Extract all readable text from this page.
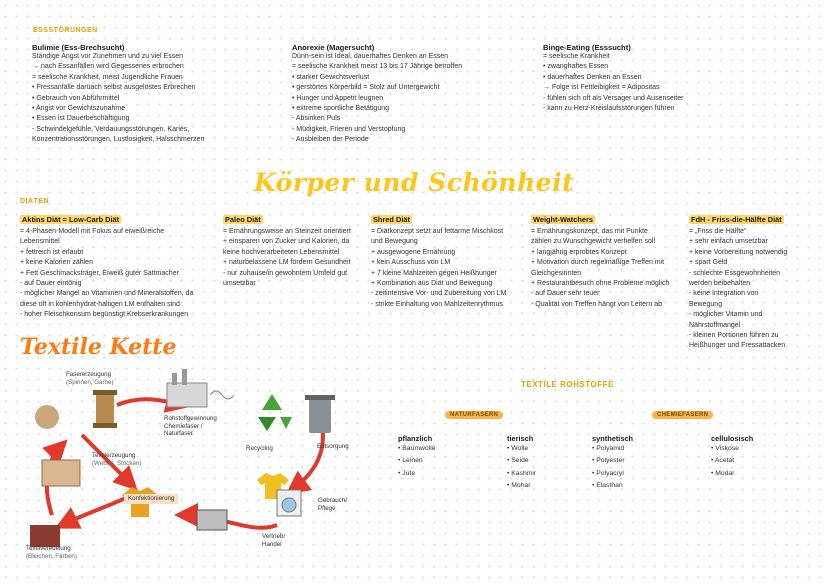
ESSSTÖRUNGEN
Bulimie (Ess-Brechsucht)
Ständige Angst vor Zunehmen und zu viel Essen
→ nach Essanfällen wird Gegessenes erbrochen
= seelische Krankheit, meist Jugendliche Frauen
• Fressanfälle darüach selbst ausgelöstes Erbrechen
• Gebrauch von Abführmittel
• Angst vor Gewichtszunahme
• Essen ist Dauerbeschäftigung
- Schwindelgefühle, Verdauungsstörungen, Karies,
Konzentrationsstörungen, Lustlosigkeit, Halsschmerzen
Anorexie (Magersucht)
Dünn-sein ist Ideal, dauerhaftes Denken an Essen
= seelische Krankheit meist 13 bis 17 Jährige betroffen
• starker Gewichtsverlust
• gerstörtes Körperbild = Stolz auf Untergewicht
• Hunger und Appetit leugnen
• extreme sportliche Betätigung
- Absinken Puls
- Müdigkeit, Frieren und Verstopfung
- Ausbleiben der Periode
Binge-Eating (Esssucht)
= seelische Krankheit
• zwanghaftes Essen
• dauerhaftes Denken an Essen
→ Folge ist Fettleibigkeit = Adipositas
- fühlen sich oft als Versager und Ausenseiter
- kann zu Herz-Kreislaufsstörungen führen
Körper und Schönheit
DIÄTEN
Aktins Diät = Low-Carb Diät
= 4-Phasen-Modell mit Fokus auf eiweißreiche
Lebensmittel
+ fettreich ist erlaubt
+ keine Kalorien zählen
+ Fett Geschmacksträger, Eiweiß guter Sattmacher
- auf Dauer eintönig
- möglicher Mangel an Vitaminen und Mineralstoffen, da
diese oft in kohlenhydrat-haltigen LM enthalten sind
- hoher Fleischkonsum begünstigt Krebserkrankungen
Paleo Diät
= Ernährungsweise an Steinzeit orientiert
+ einsparen von Zucker und Kalorien, da
keine hochverarbeiteten Lebensmittel
+ naturbelassene LM fördern Gesundheit
- nur zuhause/in gewohntem Umfeld gut
umsetzbar
Shred Diät
= Diätkonzept setzt auf fettarme Mischkost
und Bewegung
+ ausgewogene Ernährung
+ kein Ausschuss von LM
+ 7 kleine Mahlzeiten gegen Heißhunger
+ Kombination aus Diät und Bewegung
- zeitintensive Vor- und Zubereitung von LM
- strikte Einhaltung von Mahlzeitenrythmus
Weight-Watchers
= Ernährungskonzept, das mit Punkte
zählen zu Wunschgewicht verhelfen soll
+ langjährig erprobtes Konzept
+ Motivation durch regelmäßige Treffen mit
Gleichgesinnten
+ Restaurantbesuch ohne Probleme möglich
- auf Dauer sehr teuer
- Qualität von Treffen hängt von Leitern ab
FdH - Friss-die-Hälfte Diät
= „Friss die Hälfte“
+ sehr einfach umsetzbar
+ keine Vorbereitung notwendig
+ spart Geld
- schlechte Essgewohnheiten
werden beibehalten
- keine Integration von
Bewegung
- möglicher Vitamin und
Nährstoffmangel
- kleinen Portionen führen zu
Heißhunger und Fressattacken
Textile Kette
Fasererzeugung
(Spinnen, Garne)
Rohstoffgewinnung
Chemiefaser /
Naturfaser
Recycling	Entsorgung
Textilerzeugung
(Weben, Stricken)
Konfektionierung	Gebrauch/
Pflege
Vertrieb/
Handel
Textilveredelung
(Bleichen, Färben)
TEXTILE ROHSTOFFE
NATURFASERN	CHEMIEFASERN
pflanzlich
• Baumwolle
• Leinen
• Jute
tierisch
• Wolle
• Seide
• Kashmir
• Mohar
synthetisch
• Polyamid
• Polyester
• Polyacryl
• Elasthan
cellulosisch
• Viskose
• Acetat
• Modal
